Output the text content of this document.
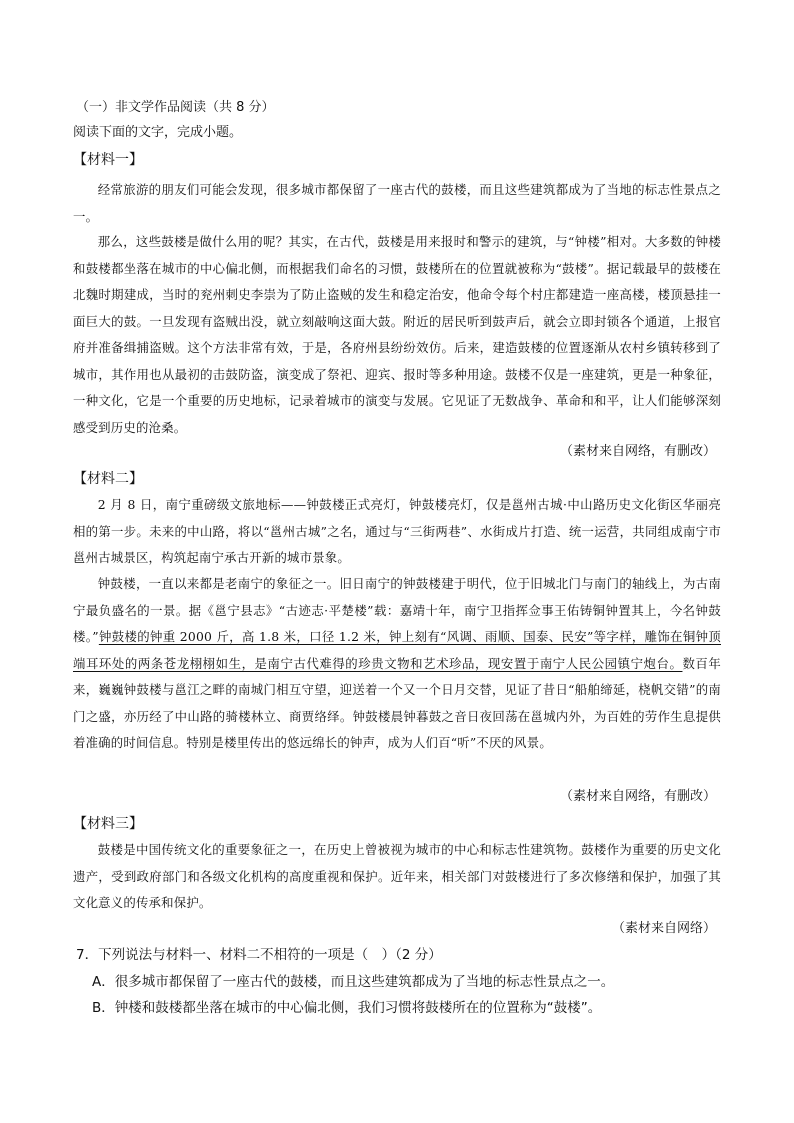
（一）非文学作品阅读（共 8 分）
阅读下面的文字，完成小题。
【材料一】
经常旅游的朋友们可能会发现，很多城市都保留了一座古代的鼓楼，而且这些建筑都成为了当地的标志性景点之一。
那么，这些鼓楼是做什么用的呢？其实，在古代，鼓楼是用来报时和警示的建筑，与“钟楼”相对。大多数的钟楼和鼓楼都坐落在城市的中心偏北侧，而根据我们命名的习惯，鼓楼所在的位置就被称为“鼓楼”。据记载最早的鼓楼在北魏时期建成，当时的兖州刺史李崇为了防止盗贼的发生和稳定治安，他命令每个村庄都建造一座高楼，楼顶悬挂一面巨大的鼓。一旦发现有盗贼出没，就立刻敲响这面大鼓。附近的居民听到鼓声后，就会立即封锁各个通道，上报官府并准备缉捕盗贼。这个方法非常有效，于是，各府州县纷纷效仿。后来，建造鼓楼的位置逐渐从农村乡镇转移到了城市，其作用也从最初的击鼓防盗，演变成了祭祀、迎宾、报时等多种用途。鼓楼不仅是一座建筑，更是一种象征，一种文化，它是一个重要的历史地标，记录着城市的演变与发展。它见证了无数战争、革命和和平，让人们能够深刻感受到历史的沧桑。
（素材来自网络，有删改）
【材料二】
2 月 8 日，南宁重磅级文旅地标——钟鼓楼正式亮灯，钟鼓楼亮灯，仅是邕州古城·中山路历史文化街区华丽亮相的第一步。未来的中山路，将以“邕州古城”之名，通过与“三街两巷”、水街成片打造、统一运营，共同组成南宁市邕州古城景区，构筑起南宁承古开新的城市景象。
钟鼓楼，一直以来都是老南宁的象征之一。旧日南宁的钟鼓楼建于明代，位于旧城北门与南门的轴线上，为古南宁最负盛名的一景。据《邕宁县志》“古迹志·平楚楼”载：嘉靖十年，南宁卫指挥佥事王佑铸铜钟置其上，今名钟鼓楼。”钟鼓楼的钟重 2000 斤，高 1.8 米，口径 1.2 米，钟上刻有“风调、雨顺、国泰、民安”等字样，雕饰在铜钟顶端耳环处的两条苍龙栩栩如生，是南宁古代难得的珍贵文物和艺术珍品，现安置于南宁人民公园镇宁炮台。数百年来，巍巍钟鼓楼与邕江之畔的南城门相互守望，迎送着一个又一个日月交替，见证了昔日“船舶缔延，桡帆交错”的南门之盛，亦历经了中山路的骑楼林立、商贾络绎。钟鼓楼晨钟暮鼓之音日夜回荡在邕城内外，为百姓的劳作生息提供着准确的时间信息。特别是楼里传出的悠远绵长的钟声，成为人们百“听”不厌的风景。
（素材来自网络，有删改）
【材料三】
鼓楼是中国传统文化的重要象征之一，在历史上曾被视为城市的中心和标志性建筑物。鼓楼作为重要的历史文化遗产，受到政府部门和各级文化机构的高度重视和保护。近年来，相关部门对鼓楼进行了多次修缮和保护，加强了其文化意义的传承和保护。
（素材来自网络）
7．下列说法与材料一、材料二不相符的一项是（　）（2 分）
A．很多城市都保留了一座古代的鼓楼，而且这些建筑都成为了当地的标志性景点之一。
B．钟楼和鼓楼都坐落在城市的中心偏北侧，我们习惯将鼓楼所在的位置称为“鼓楼”。
